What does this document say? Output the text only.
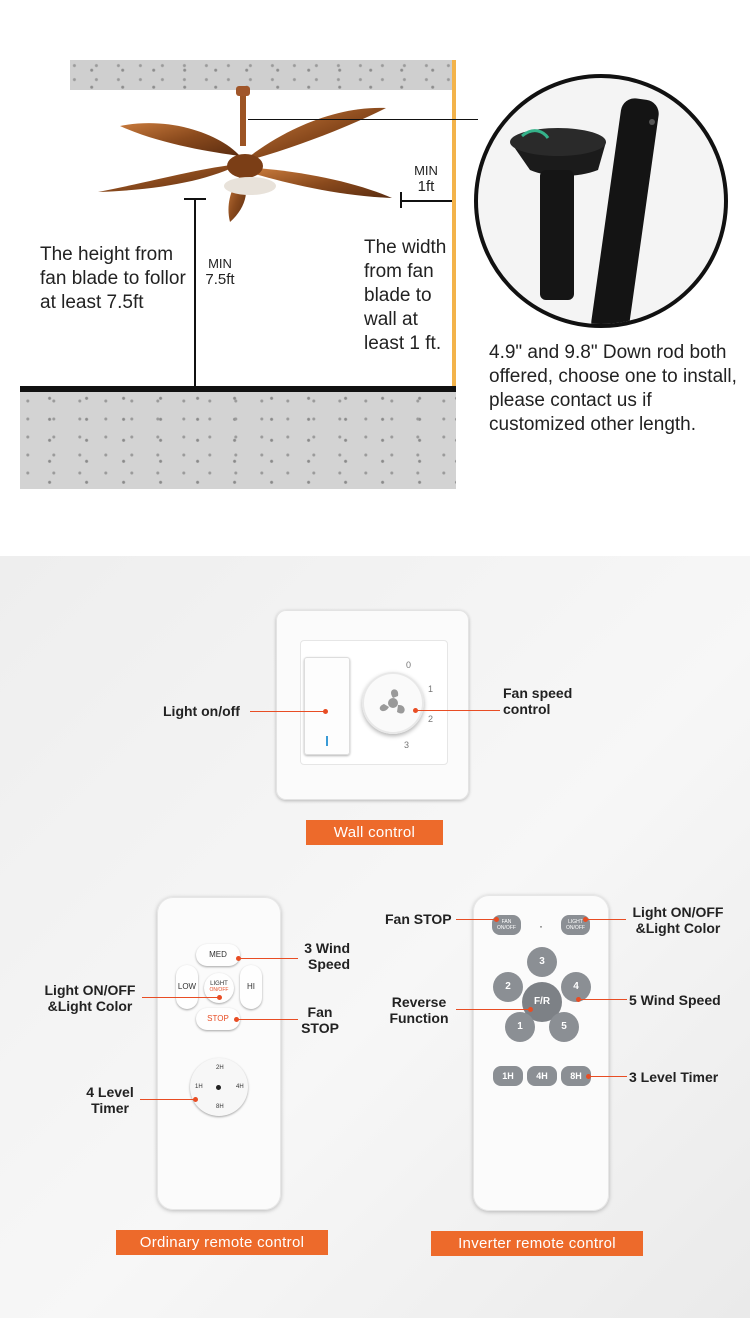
The height from fan blade to follor at least 7.5ft
MIN
7.5ft
MIN
1ft
The width from fan blade to wall at least 1 ft.	4.9" and 9.8" Down rod both offered, choose one to install, please contact us if customized other length.
0
1
2
3
Light on/off
Fan speed control
Wall control
MED
LOW	HI
LIGHT
ON/OFF
STOP
2H
1H	4H
8H
3 Wind Speed
Light ON/OFF &Light Color	Fan STOP
4 Level Timer
Ordinary remote control
FAN ON/OFF	·	LIGHT ON/OFF
3
2	4
F/R
1	5
1H	4H	8H
Fan STOP	Light ON/OFF &Light Color
Reverse Function
5 Wind Speed
3 Level Timer
Inverter remote control
